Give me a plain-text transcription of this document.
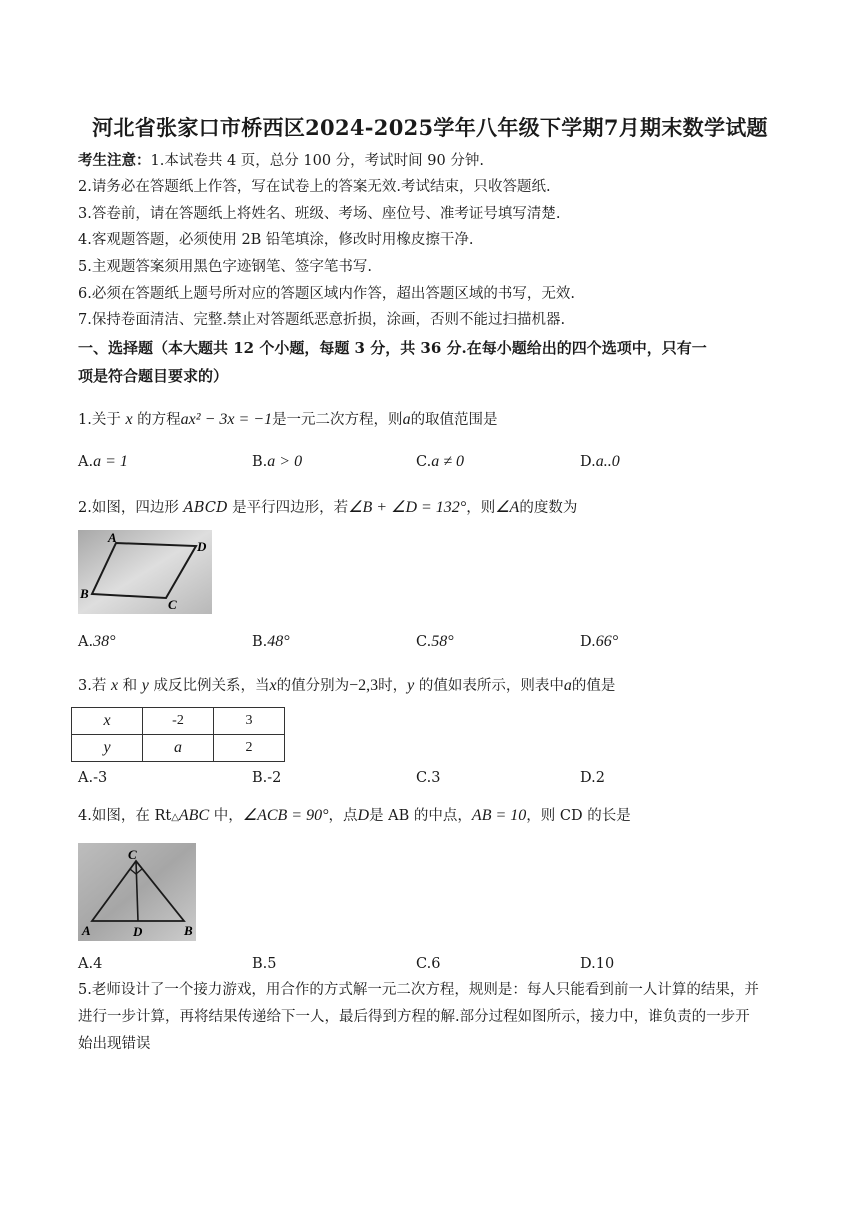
河北省张家口市桥西区2024-2025学年八年级下学期7月期末数学试题
考生注意：1.本试卷共 4 页，总分 100 分，考试时间 90 分钟.
2.请务必在答题纸上作答，写在试卷上的答案无效.考试结束，只收答题纸.
3.答卷前，请在答题纸上将姓名、班级、考场、座位号、准考证号填写清楚.
4.客观题答题，必须使用 2B 铅笔填涂，修改时用橡皮擦干净.
5.主观题答案须用黑色字迹钢笔、签字笔书写.
6.必须在答题纸上题号所对应的答题区域内作答，超出答题区域的书写，无效.
7.保持卷面清洁、完整.禁止对答题纸恶意折损，涂画，否则不能过扫描机器.
一、选择题（本大题共 12 个小题，每题 3 分，共 36 分.在每小题给出的四个选项中，只有一
项是符合题目要求的）
1.关于 x 的方程ax² − 3x = −1是一元二次方程，则a的取值范围是
A.a = 1	B.a > 0	C.a ≠ 0	D.a..0
2.如图，四边形 ABCD 是平行四边形，若∠B + ∠D = 132°，则∠A的度数为
A
D
B
C
A.38°	B.48°	C.58°	D.66°
3.若 x 和 y 成反比例关系，当x的值分别为−2,3时，y 的值如表所示，则表中a的值是
x	-2	3
y	a	2
A.-3	B.-2	C.3	D.2
4.如图，在 Rt△ABC 中，∠ACB = 90°，点D是 AB 的中点，AB = 10，则 CD 的长是
C
A	D	B
A.4	B.5	C.6	D.10
5.老师设计了一个接力游戏，用合作的方式解一元二次方程，规则是：每人只能看到前一人计算的结果，并
进行一步计算，再将结果传递给下一人，最后得到方程的解.部分过程如图所示，接力中，谁负责的一步开
始出现错误
